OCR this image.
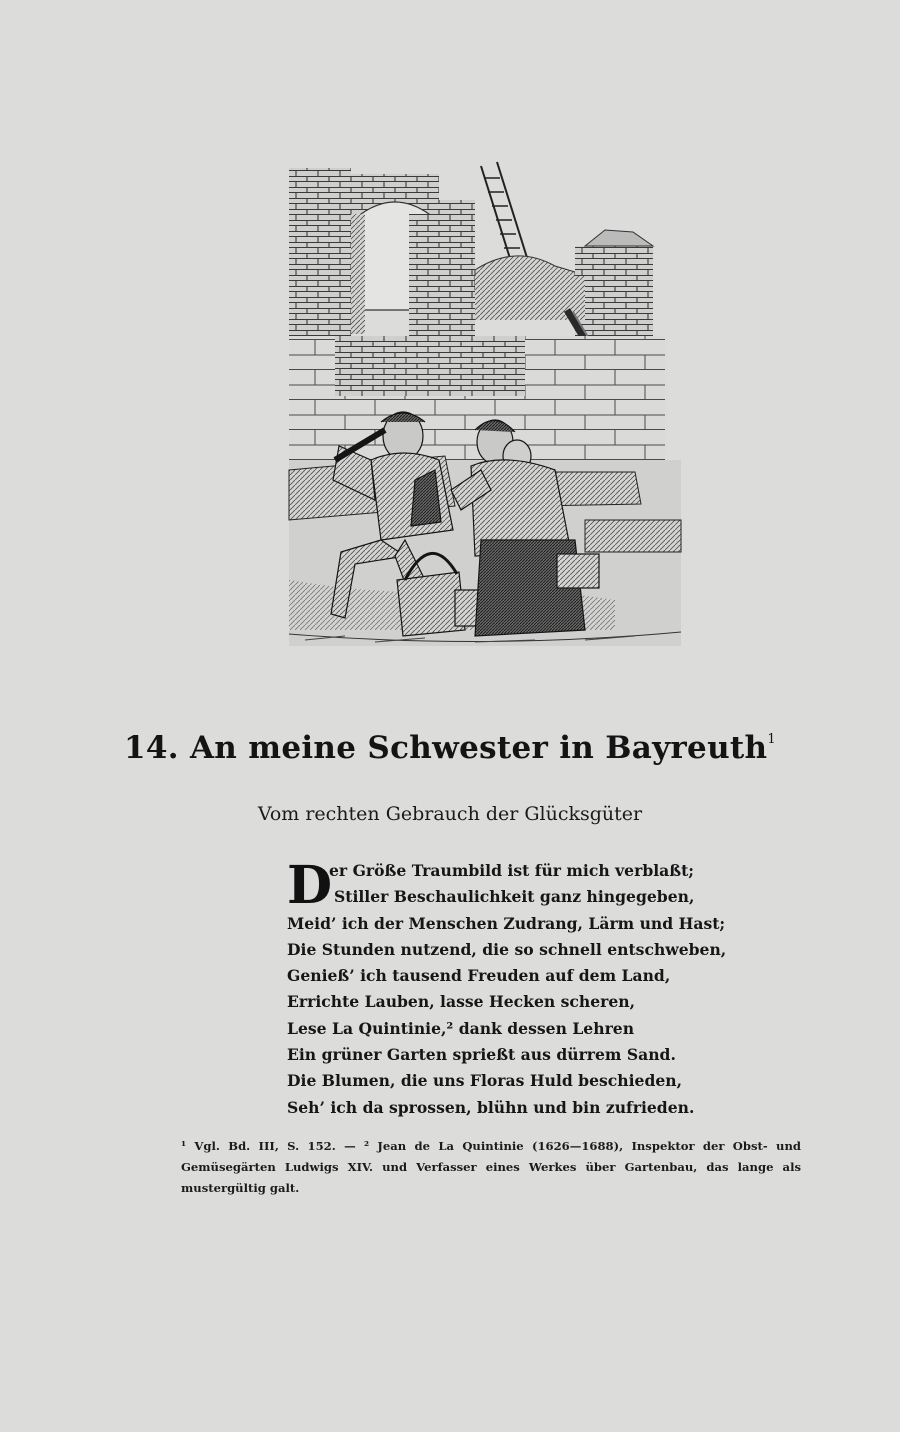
14. An meine Schwester in Bayreuth$^1$
Vom rechten Gebrauch der Glücksgüter
D
er Größe Traumbild ist für mich verblaßt;
Stiller Beschaulichkeit ganz hingegeben,
Meid’ ich der Menschen Zudrang, Lärm und Hast;
Die Stunden nutzend, die so schnell entschweben,
Genieß’ ich tausend Freuden auf dem Land,
Errichte Lauben, lasse Hecken scheren,
Lese La Quintinie,² dank dessen Lehren
Ein grüner Garten sprießt aus dürrem Sand.
Die Blumen, die uns Floras Huld beschieden,
Seh’ ich da sprossen, blühn und bin zufrieden.
¹ Vgl. Bd. III, S. 152. — ² Jean de La Quintinie (1626—1688), Inspektor der Obst- und Gemüsegärten Ludwigs XIV. und Verfasser eines Werkes über Gartenbau, das lange als mustergültig galt.
